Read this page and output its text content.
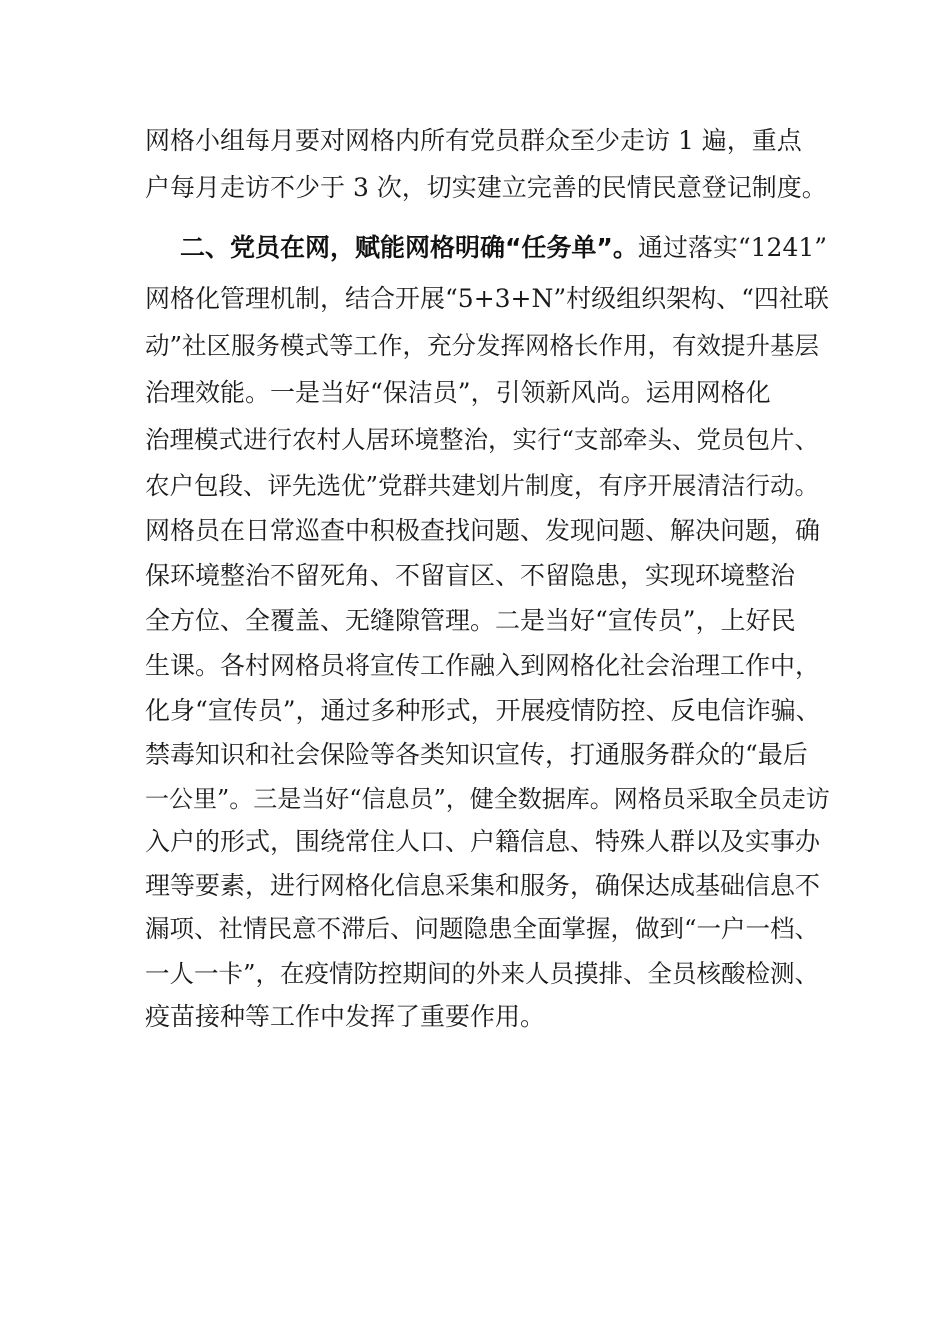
网格小组每月要对网格内所有党员群众至少走访 1 遍，重点
户每月走访不少于 3 次，切实建立完善的民情民意登记制度。
二、党员在网，赋能网格明确“任务单”。通过落实“1241”
网格化管理机制，结合开展“5+3+N”村级组织架构、“四社联
动”社区服务模式等工作，充分发挥网格长作用，有效提升基层
治理效能。一是当好“保洁员”，引领新风尚。运用网格化
治理模式进行农村人居环境整治，实行“支部牵头、党员包片、
农户包段、评先选优”党群共建划片制度，有序开展清洁行动。
网格员在日常巡查中积极查找问题、发现问题、解决问题，确
保环境整治不留死角、不留盲区、不留隐患，实现环境整治
全方位、全覆盖、无缝隙管理。二是当好“宣传员”，上好民
生课。各村网格员将宣传工作融入到网格化社会治理工作中，
化身“宣传员”，通过多种形式，开展疫情防控、反电信诈骗、
禁毒知识和社会保险等各类知识宣传，打通服务群众的“最后
一公里”。三是当好“信息员”，健全数据库。网格员采取全员走访
入户的形式，围绕常住人口、户籍信息、特殊人群以及实事办
理等要素，进行网格化信息采集和服务，确保达成基础信息不
漏项、社情民意不滞后、问题隐患全面掌握，做到“一户一档、
一人一卡”，在疫情防控期间的外来人员摸排、全员核酸检测、
疫苗接种等工作中发挥了重要作用。
